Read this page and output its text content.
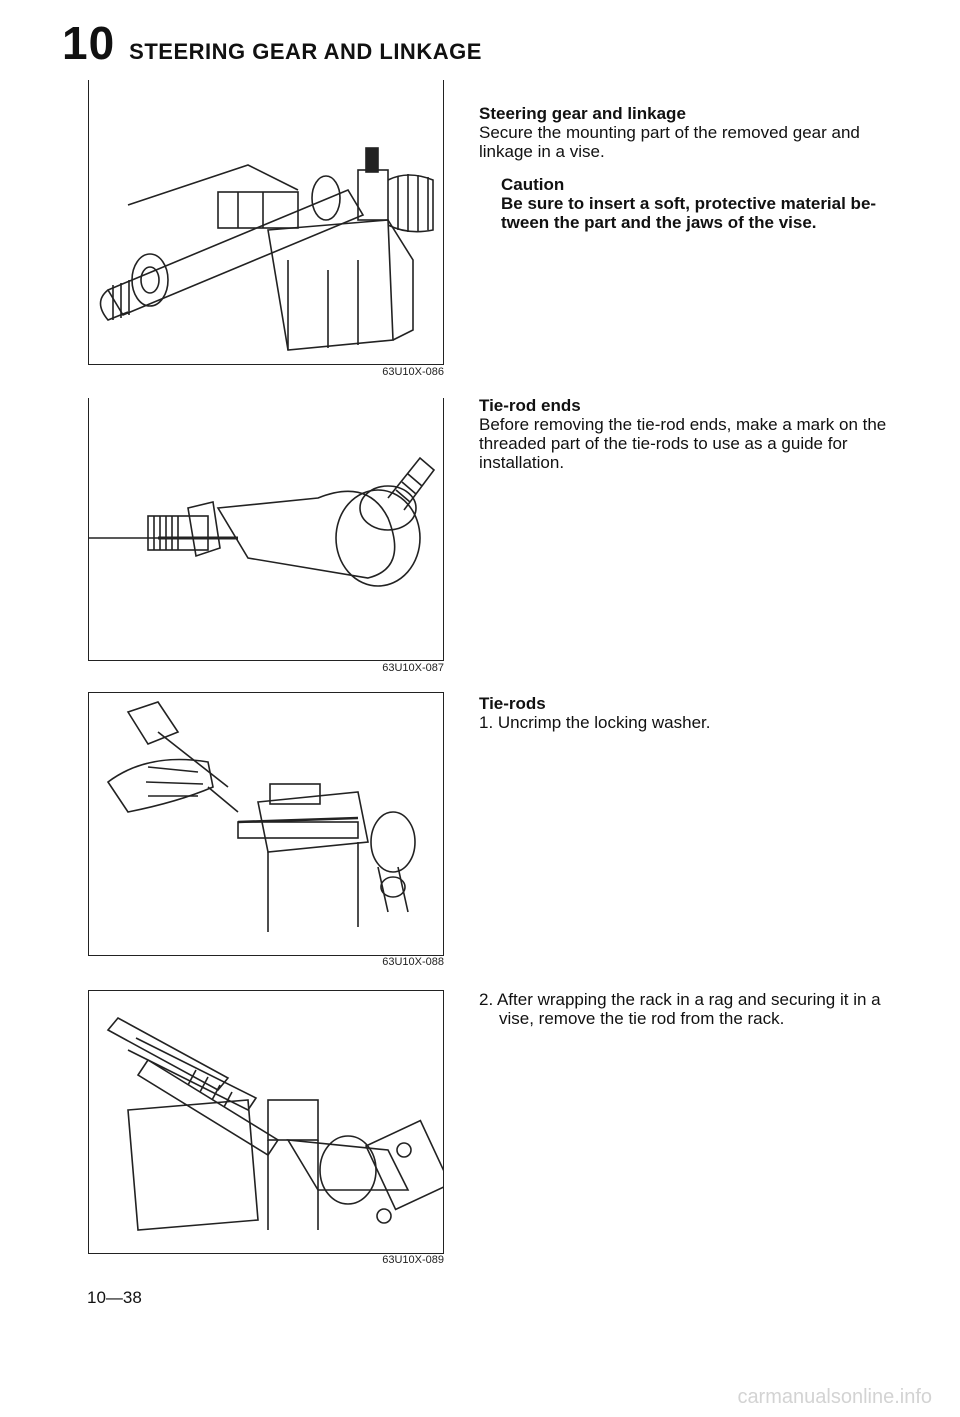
10 STEERING GEAR AND LINKAGE
63U10X-086
63U10X-087
63U10X-088
63U10X-089
Steering gear and linkage

Secure the mounting part of the removed gear and linkage in a vise.

Caution
Be sure to insert a soft, protective material be-tween the part and the jaws of the vise.
Tie-rod ends

Before removing the tie-rod ends, make a mark on the threaded part of the tie-rods to use as a guide for installation.

Tie-rods

1. Uncrimp the locking washer.

2. After wrapping the rack in a rag and securing it in a vise, remove the tie rod from the rack.

10—38
carmanualsonline.info
